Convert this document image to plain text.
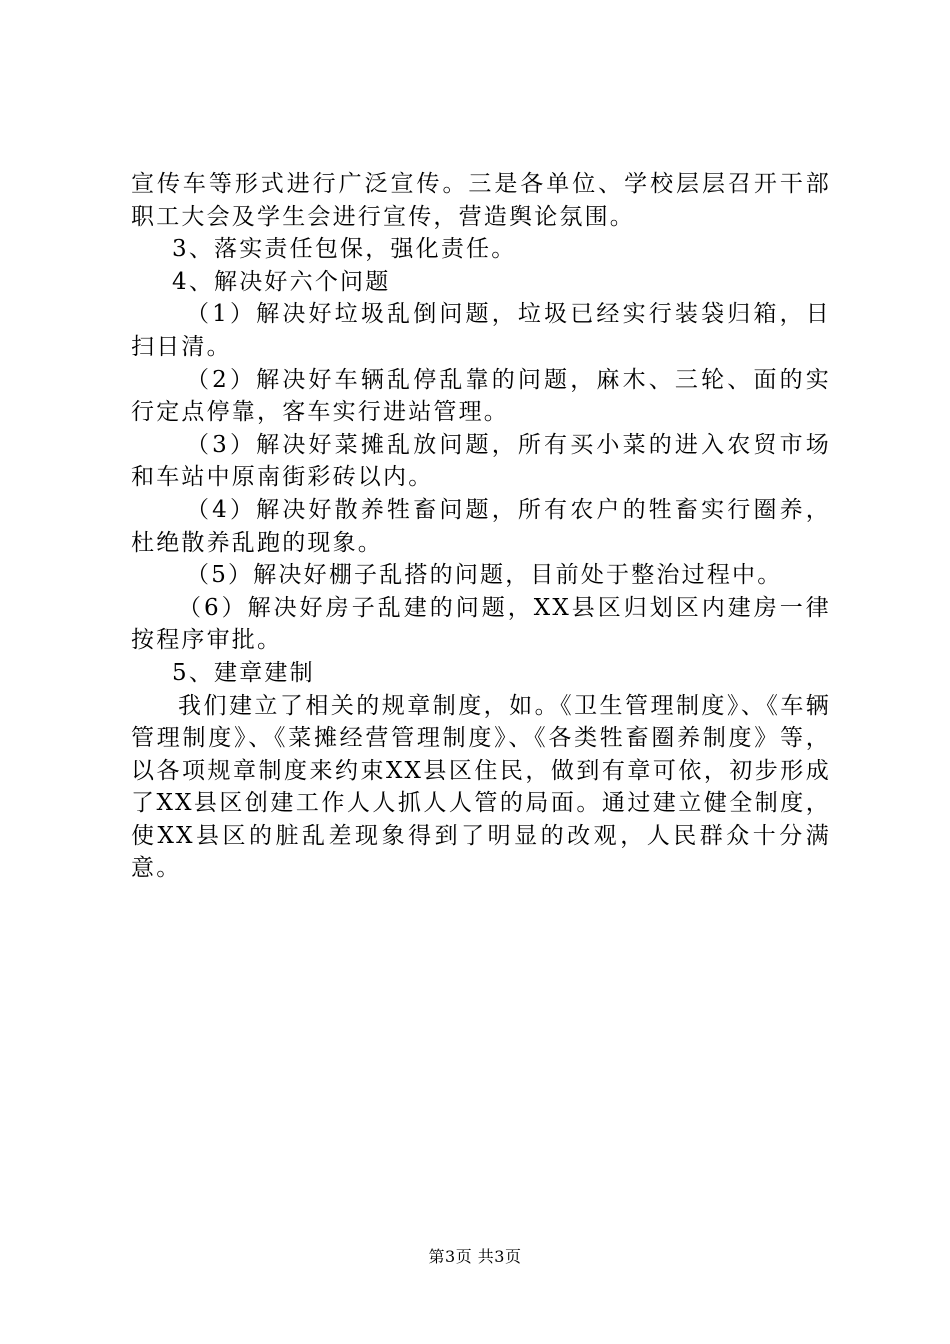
宣传车等形式进行广泛宣传。三是各单位、学校层层召开干部职工大会及学生会进行宣传，营造舆论氛围。

3、落实责任包保，强化责任。

4、解决好六个问题

（1）解决好垃圾乱倒问题，垃圾已经实行装袋归箱，日扫日清。

（2）解决好车辆乱停乱靠的问题，麻木、三轮、面的实行定点停靠，客车实行进站管理。

（3）解决好菜摊乱放问题，所有买小菜的进入农贸市场和车站中原南街彩砖以内。

（4）解决好散养牲畜问题，所有农户的牲畜实行圈养，杜绝散养乱跑的现象。

（5）解决好棚子乱搭的问题，目前处于整治过程中。

（6）解决好房子乱建的问题，XX县区归划区内建房一律按程序审批。

5、建章建制

我们建立了相关的规章制度，如。《卫生管理制度》、《车辆管理制度》、《菜摊经营管理制度》、《各类牲畜圈养制度》等，以各项规章制度来约束XX县区住民，做到有章可依，初步形成了XX县区创建工作人人抓人人管的局面。通过建立健全制度，使XX县区的脏乱差现象得到了明显的改观，人民群众十分满意。

第3页 共3页
